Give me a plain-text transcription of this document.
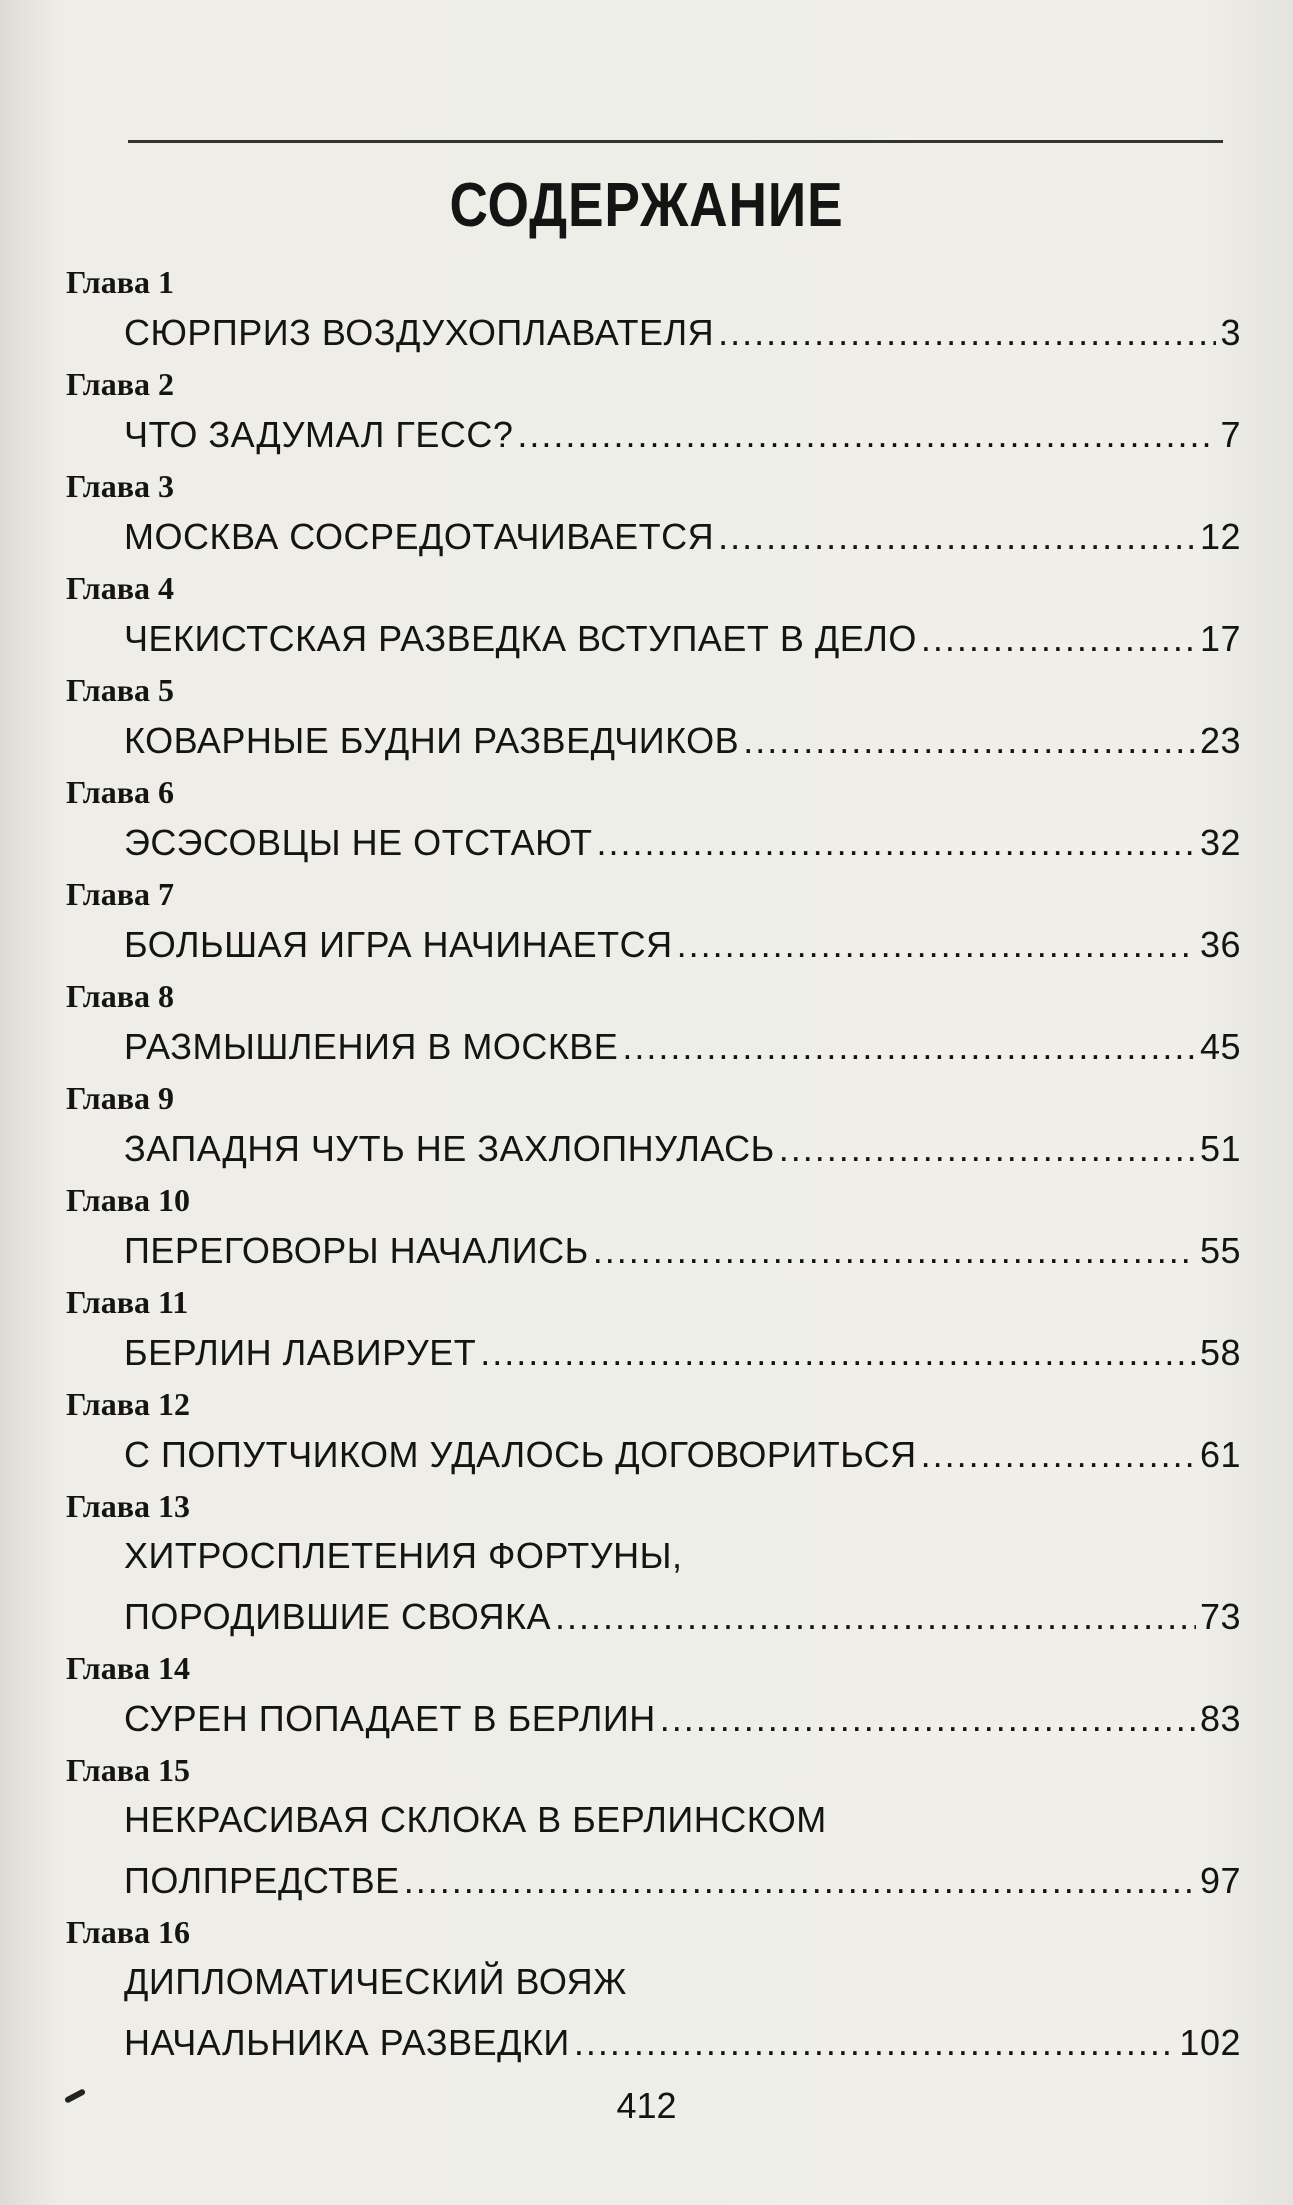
СОДЕРЖАНИЕ
Глава 1
СЮРПРИЗ ВОЗДУХОПЛАВАТЕЛЯ .....	3
Глава 2
ЧТО ЗАДУМАЛ ГЕСС? .....	7
Глава 3
МОСКВА СОСРЕДОТАЧИВАЕТСЯ .....	12
Глава 4
ЧЕКИСТСКАЯ РАЗВЕДКА ВСТУПАЕТ В ДЕЛО .....	17
Глава 5
КОВАРНЫЕ БУДНИ РАЗВЕДЧИКОВ .....	23
Глава 6
ЭСЭСОВЦЫ НЕ ОТСТАЮТ .....	32
Глава 7
БОЛЬШАЯ ИГРА НАЧИНАЕТСЯ .....	36
Глава 8
РАЗМЫШЛЕНИЯ В МОСКВЕ .....	45
Глава 9
ЗАПАДНЯ ЧУТЬ НЕ ЗАХЛОПНУЛАСЬ .....	51
Глава 10
ПЕРЕГОВОРЫ НАЧАЛИСЬ .....	55
Глава 11
БЕРЛИН ЛАВИРУЕТ .....	58
Глава 12
С ПОПУТЧИКОМ УДАЛОСЬ ДОГОВОРИТЬСЯ .....	61
Глава 13
ХИТРОСПЛЕТЕНИЯ ФОРТУНЫ,
ПОРОДИВШИЕ СВОЯКА .....	73
Глава 14
СУРЕН ПОПАДАЕТ В БЕРЛИН .....	83
Глава 15
НЕКРАСИВАЯ СКЛОКА В БЕРЛИНСКОМ
ПОЛПРЕДСТВЕ .....	97
Глава 16
ДИПЛОМАТИЧЕСКИЙ ВОЯЖ
НАЧАЛЬНИКА РАЗВЕДКИ .....	102
412
